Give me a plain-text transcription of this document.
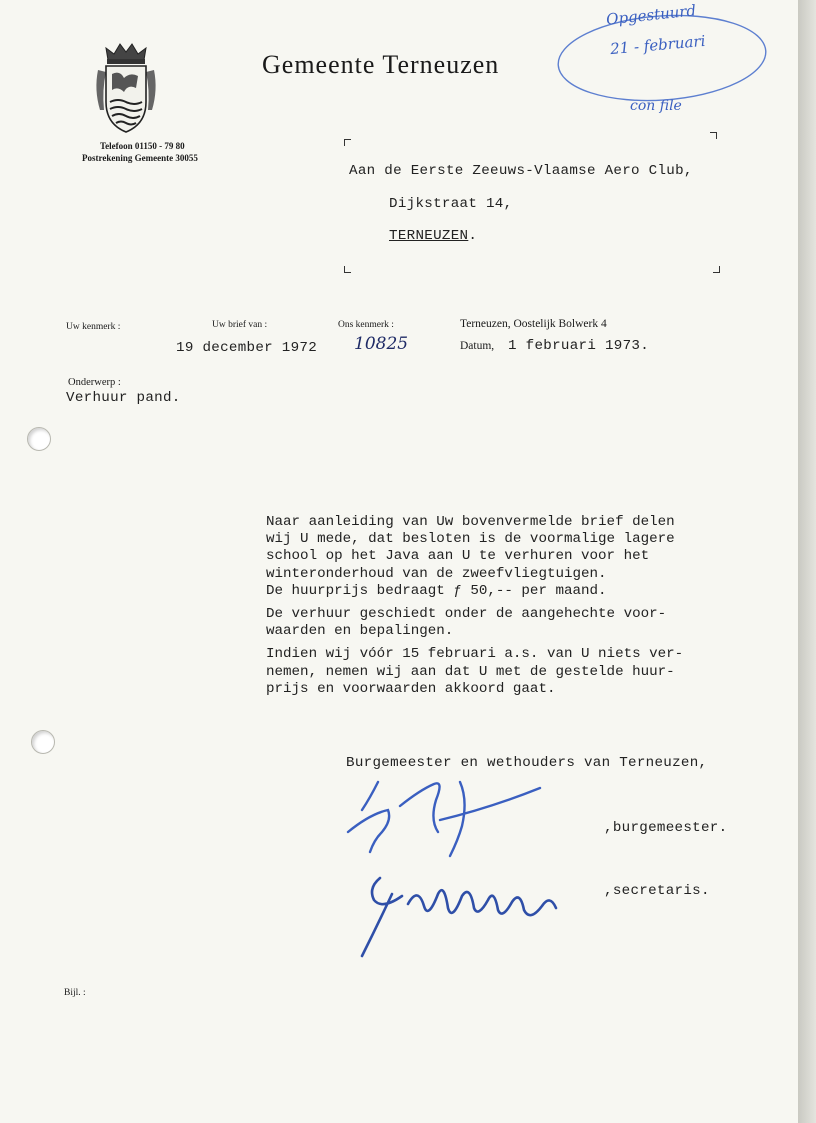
Telefoon 01150 - 79 80
Postrekening Gemeente 30055
Gemeente Terneuzen
Opgestuurd
21 - februari
con file
Aan de Eerste Zeeuws-Vlaamse Aero Club,
Dijkstraat 14,
TERNEUZEN.
Uw kenmerk :	Uw brief van :
19 december 1972
Ons kenmerk :
10825
Terneuzen, Oostelijk Bolwerk 4
Datum, 1 februari 1973.
Onderwerp :
Verhuur pand.

Naar aanleiding van Uw bovenvermelde brief delen
wij U mede, dat besloten is de voormalige lagere
school op het Java aan U te verhuren voor het
winteronderhoud van de zweefvliegtuigen.
De huurprijs bedraagt ƒ 50,-- per maand.

De verhuur geschiedt onder de aangehechte voor-
waarden en bepalingen.

Indien wij vóór 15 februari a.s. van U niets ver-
nemen, nemen wij aan dat U met de gestelde huur-
prijs en voorwaarden akkoord gaat.

Burgemeester en wethouders van Terneuzen,
,burgemeester.
,secretaris.
Bijl. :
